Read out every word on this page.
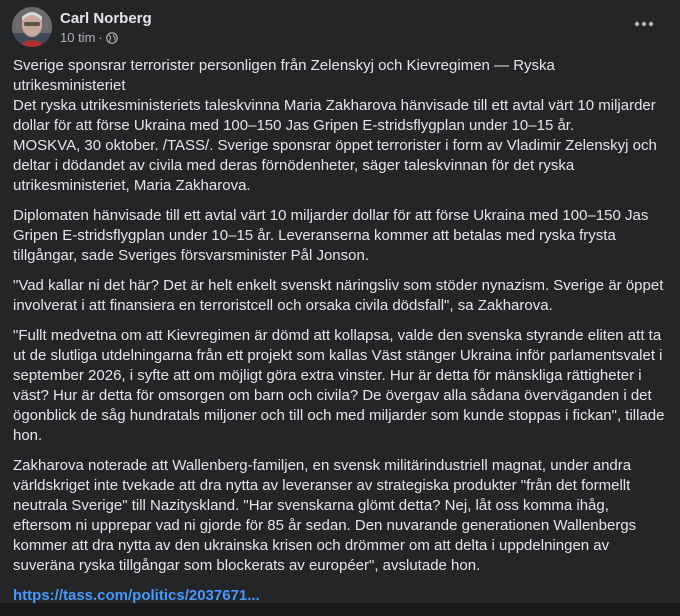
Carl Norberg
10 tim ·

Sverige sponsrar terrorister personligen från Zelenskyj och Kievregimen — Ryska utrikesministeriet
Det ryska utrikesministeriets taleskvinna Maria Zakharova hänvisade till ett avtal värt 10 miljarder dollar för att förse Ukraina med 100–150 Jas Gripen E-stridsflygplan under 10–15 år.
MOSKVA, 30 oktober. /TASS/. Sverige sponsrar öppet terrorister i form av Vladimir Zelenskyj och deltar i dödandet av civila med deras förnödenheter, säger taleskvinnan för det ryska utrikesministeriet, Maria Zakharova.

Diplomaten hänvisade till ett avtal värt 10 miljarder dollar för att förse Ukraina med 100–150 Jas Gripen E-stridsflygplan under 10–15 år. Leveranserna kommer att betalas med ryska frysta tillgångar, sade Sveriges försvarsminister Pål Jonson.

"Vad kallar ni det här? Det är helt enkelt svenskt näringsliv som stöder nynazism. Sverige är öppet involverat i att finansiera en terroristcell och orsaka civila dödsfall", sa Zakharova.

"Fullt medvetna om att Kievregimen är dömd att kollapsa, valde den svenska styrande eliten att ta ut de slutliga utdelningarna från ett projekt som kallas Väst stänger Ukraina inför parlamentsvalet i september 2026, i syfte att om möjligt göra extra vinster. Hur är detta för mänskliga rättigheter i väst? Hur är detta för omsorgen om barn och civila? De övergav alla sådana överväganden i det ögonblick de såg hundratals miljoner och till och med miljarder som kunde stoppas i fickan", tillade hon.

Zakharova noterade att Wallenberg-familjen, en svensk militärindustriell magnat, under andra världskriget inte tvekade att dra nytta av leveranser av strategiska produkter "från det formellt neutrala Sverige" till Nazityskland. "Har svenskarna glömt detta? Nej, låt oss komma ihåg, eftersom ni upprepar vad ni gjorde för 85 år sedan. Den nuvarande generationen Wallenbergs kommer att dra nytta av den ukrainska krisen och drömmer om att delta i uppdelningen av suveräna ryska tillgångar som blockerats av européer", avslutade hon.

https://tass.com/politics/2037671...
